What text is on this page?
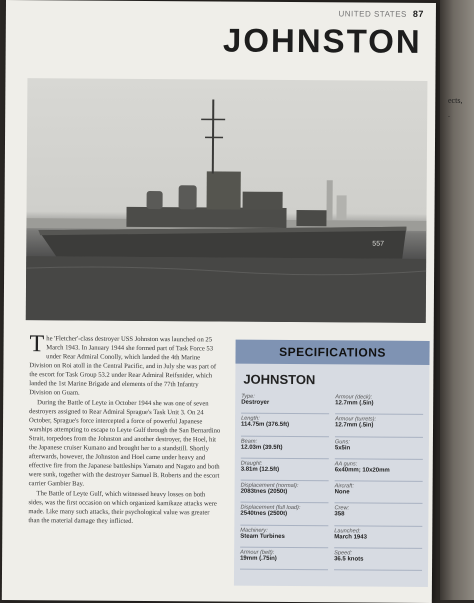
UNITED STATES 87
JOHNSTON
557
T he 'Fletcher'-class destroyer USS Johnston was launched on 25 March 1943. In January 1944 she formed part of Task Force 53 under Rear Admiral Conolly, which landed the 4th Marine Division on Roi atoll in the Central Pacific, and in July she was part of the escort for Task Group 53.2 under Rear Admiral Reifsnider, which landed the 1st Marine Brigade and elements of the 77th Infantry Division on Guam.

During the Battle of Leyte in October 1944 she was one of seven destroyers assigned to Rear Admiral Sprague's Task Unit 3. On 24 October, Sprague's force intercepted a force of powerful Japanese warships attempting to escape to Leyte Gulf through the San Bernardino Strait, torpedoes from the Johnston and another destroyer, the Hoel, hit the Japanese cruiser Kumano and brought her to a standstill. Shortly afterwards, however, the Johnston and Hoel came under heavy and effective fire from the Japanese battleships Yamato and Nagato and both were sunk, together with the destroyer Samuel B. Roberts and the escort carrier Gambier Bay.

The Battle of Leyte Gulf, which witnessed heavy losses on both sides, was the first occasion on which organized kamikaze attacks were made. Like many such attacks, their psychological value was greater than the material damage they inflicted.

SPECIFICATIONS
JOHNSTON
Type:
Destroyer
Length:
114.75m (376.5ft)
Beam:
12.03m (39.5ft)
Draught:
3.81m (12.5ft)
Displacement (normal):
2083tnes (2050t)
Displacement (full load):
2540tnes (2500t)
Machinery:
Steam Turbines
Armour (belt):
19mm (.75in)
Armour (deck):
12.7mm (.5in)
Armour (turrets):
12.7mm (.5in)
Guns:
5x5in
AA guns:
6x40mm; 10x20mm
Aircraft:
None
Crew:
358
Launched:
March 1943
Speed:
36.5 knots
ects,
.
